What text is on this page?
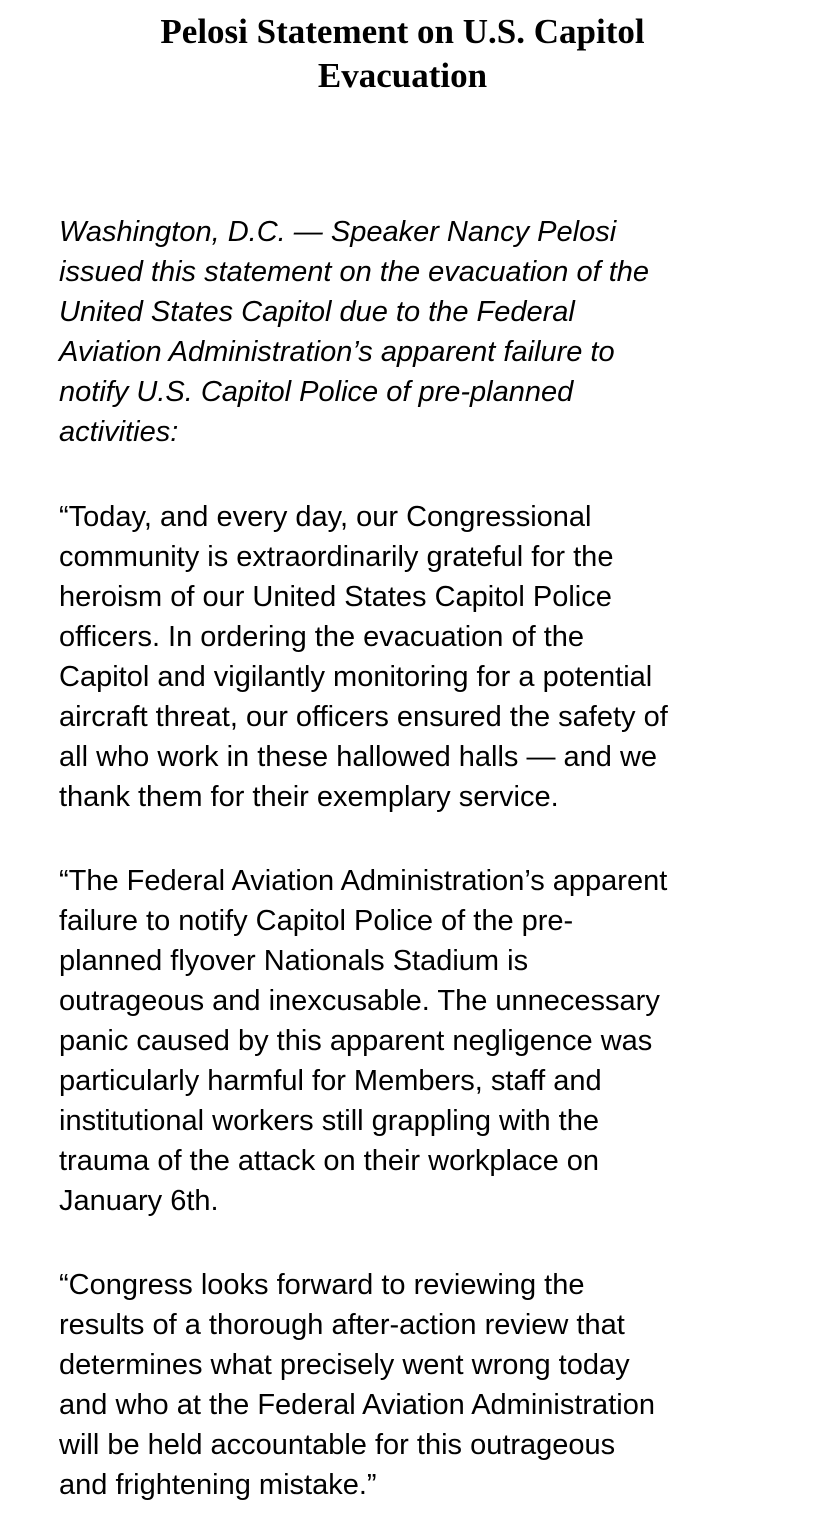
Pelosi Statement on U.S. Capitol
Evacuation

Washington, D.C. — Speaker Nancy Pelosi
issued this statement on the evacuation of the
United States Capitol due to the Federal
Aviation Administration’s apparent failure to
notify U.S. Capitol Police of pre-planned
activities:

“Today, and every day, our Congressional
community is extraordinarily grateful for the
heroism of our United States Capitol Police
officers. In ordering the evacuation of the
Capitol and vigilantly monitoring for a potential
aircraft threat, our officers ensured the safety of
all who work in these hallowed halls — and we
thank them for their exemplary service.

“The Federal Aviation Administration’s apparent
failure to notify Capitol Police of the pre-
planned flyover Nationals Stadium is
outrageous and inexcusable. The unnecessary
panic caused by this apparent negligence was
particularly harmful for Members, staff and
institutional workers still grappling with the
trauma of the attack on their workplace on
January 6th.

“Congress looks forward to reviewing the
results of a thorough after-action review that
determines what precisely went wrong today
and who at the Federal Aviation Administration
will be held accountable for this outrageous
and frightening mistake.”
